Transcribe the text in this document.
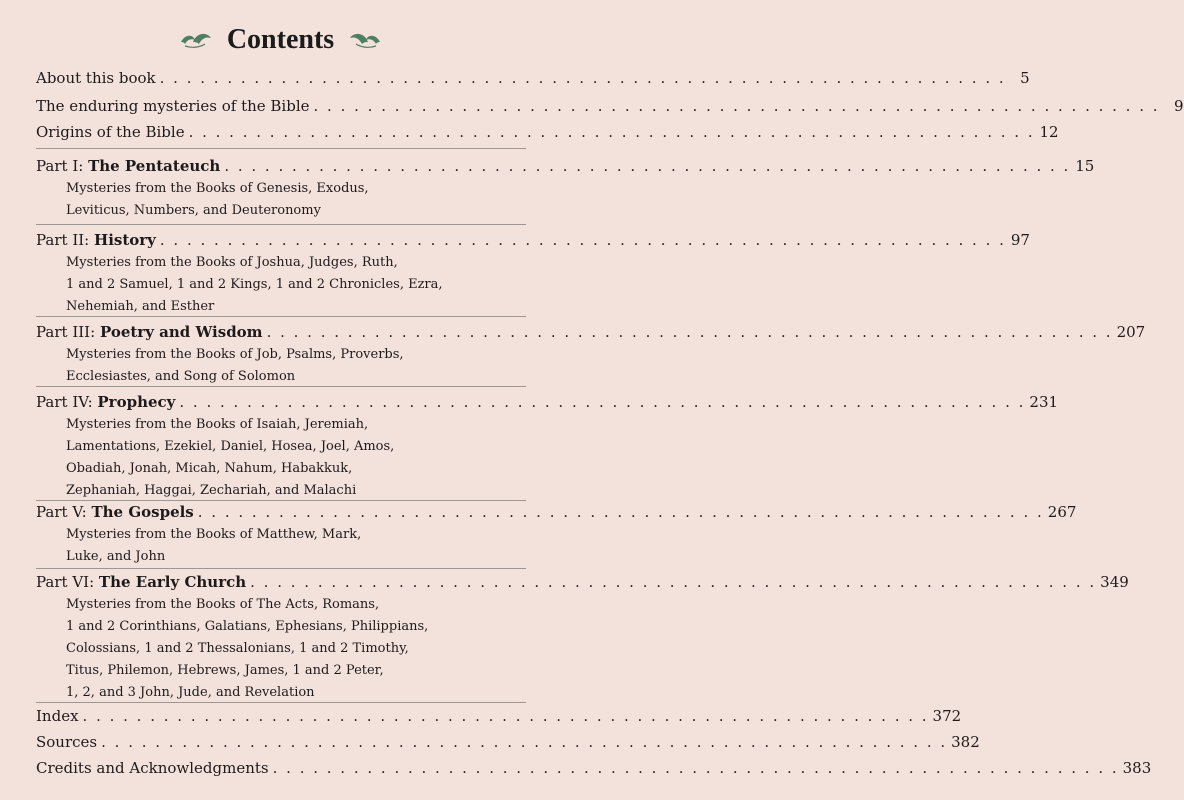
Contents
About this book . . . . . . . . . . . . . . . . . . . . . . . . . . . . . . . . . . . . . . . . . . . . . . . . . . . . . . . . . . . . . . . 5
The enduring mysteries of the Bible . . . . . . . . . . . . . . . . . . . . . . . . . . . . . . . . . . . . . . . . . . . . . . . . . . . . . . . . . . . . . . . 9
Origins of the Bible . . . . . . . . . . . . . . . . . . . . . . . . . . . . . . . . . . . . . . . . . . . . . . . . . . . . . . . . . . . . . . . 12
Part I: The Pentateuch . . . . . . . . . . . . . . . . . . . . . . . . . . . . . . . . . . . . . . . . . . . . . . . . . . . . . . . . . . . . . . . 15
Mysteries from the Books of Genesis, Exodus,
Leviticus, Numbers, and Deuteronomy
Part II: History . . . . . . . . . . . . . . . . . . . . . . . . . . . . . . . . . . . . . . . . . . . . . . . . . . . . . . . . . . . . . . . 97
Mysteries from the Books of Joshua, Judges, Ruth,
1 and 2 Samuel, 1 and 2 Kings, 1 and 2 Chronicles, Ezra,
Nehemiah, and Esther
Part III: Poetry and Wisdom . . . . . . . . . . . . . . . . . . . . . . . . . . . . . . . . . . . . . . . . . . . . . . . . . . . . . . . . . . . . . . . 207
Mysteries from the Books of Job, Psalms, Proverbs,
Ecclesiastes, and Song of Solomon
Part IV: Prophecy . . . . . . . . . . . . . . . . . . . . . . . . . . . . . . . . . . . . . . . . . . . . . . . . . . . . . . . . . . . . . . . 231
Mysteries from the Books of Isaiah, Jeremiah,
Lamentations, Ezekiel, Daniel, Hosea, Joel, Amos,
Obadiah, Jonah, Micah, Nahum, Habakkuk,
Zephaniah, Haggai, Zechariah, and Malachi
Part V: The Gospels . . . . . . . . . . . . . . . . . . . . . . . . . . . . . . . . . . . . . . . . . . . . . . . . . . . . . . . . . . . . . . . 267
Mysteries from the Books of Matthew, Mark,
Luke, and John
Part VI: The Early Church . . . . . . . . . . . . . . . . . . . . . . . . . . . . . . . . . . . . . . . . . . . . . . . . . . . . . . . . . . . . . . . 349
Mysteries from the Books of The Acts, Romans,
1 and 2 Corinthians, Galatians, Ephesians, Philippians,
Colossians, 1 and 2 Thessalonians, 1 and 2 Timothy,
Titus, Philemon, Hebrews, James, 1 and 2 Peter,
1, 2, and 3 John, Jude, and Revelation
Index . . . . . . . . . . . . . . . . . . . . . . . . . . . . . . . . . . . . . . . . . . . . . . . . . . . . . . . . . . . . . . . 372
Sources . . . . . . . . . . . . . . . . . . . . . . . . . . . . . . . . . . . . . . . . . . . . . . . . . . . . . . . . . . . . . . . 382
Credits and Acknowledgments . . . . . . . . . . . . . . . . . . . . . . . . . . . . . . . . . . . . . . . . . . . . . . . . . . . . . . . . . . . . . . . 383
